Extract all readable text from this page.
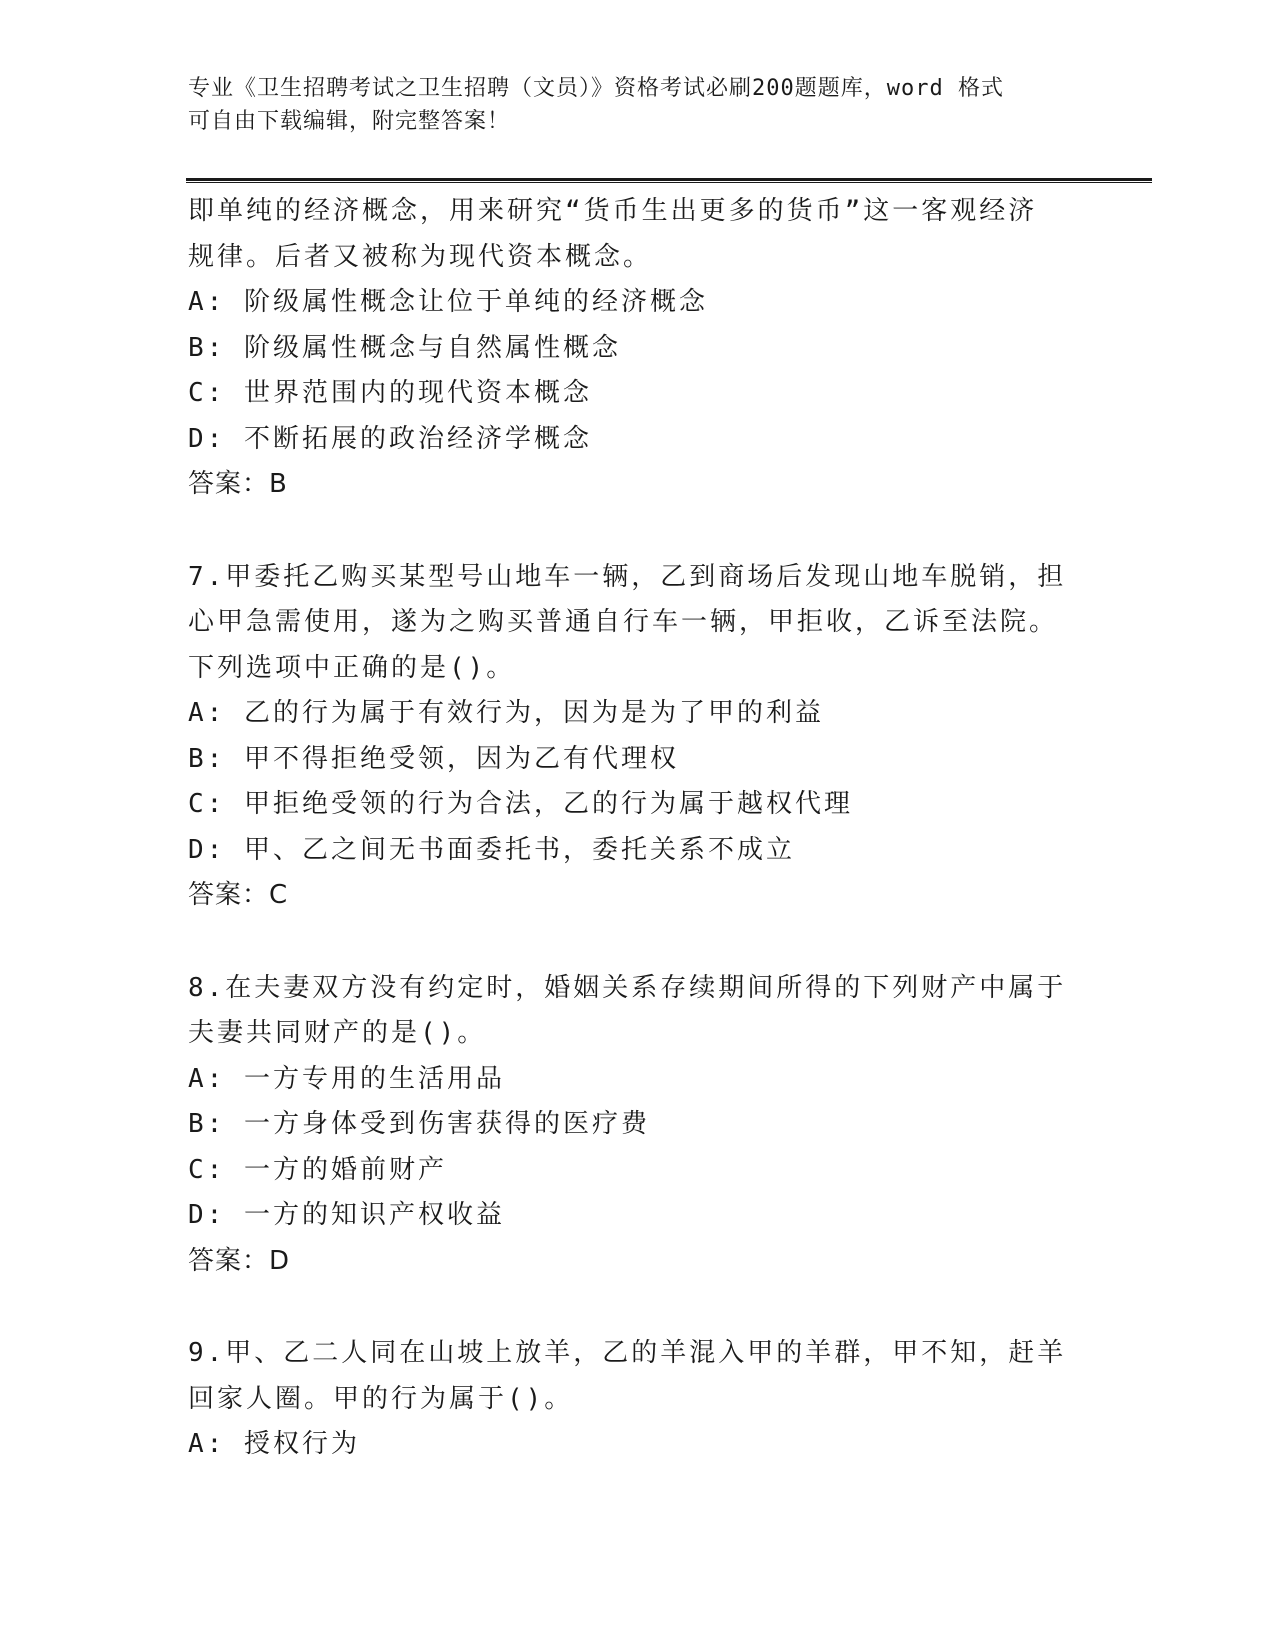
专业《卫生招聘考试之卫生招聘（文员）》资格考试必刷200题题库，word 格式
可自由下载编辑，附完整答案！
即单纯的经济概念，用来研究“货币生出更多的货币”这一客观经济
规律。后者又被称为现代资本概念。
A: 阶级属性概念让位于单纯的经济概念
B: 阶级属性概念与自然属性概念
C: 世界范围内的现代资本概念
D: 不断拓展的政治经济学概念
答案：B
7.甲委托乙购买某型号山地车一辆，乙到商场后发现山地车脱销，担
心甲急需使用，遂为之购买普通自行车一辆，甲拒收，乙诉至法院。
下列选项中正确的是()。
A: 乙的行为属于有效行为，因为是为了甲的利益
B: 甲不得拒绝受领，因为乙有代理权
C: 甲拒绝受领的行为合法，乙的行为属于越权代理
D: 甲、乙之间无书面委托书，委托关系不成立
答案：C
8.在夫妻双方没有约定时，婚姻关系存续期间所得的下列财产中属于
夫妻共同财产的是()。
A: 一方专用的生活用品
B: 一方身体受到伤害获得的医疗费
C: 一方的婚前财产
D: 一方的知识产权收益
答案：D
9.甲、乙二人同在山坡上放羊，乙的羊混入甲的羊群，甲不知，赶羊
回家人圈。甲的行为属于()。
A: 授权行为
